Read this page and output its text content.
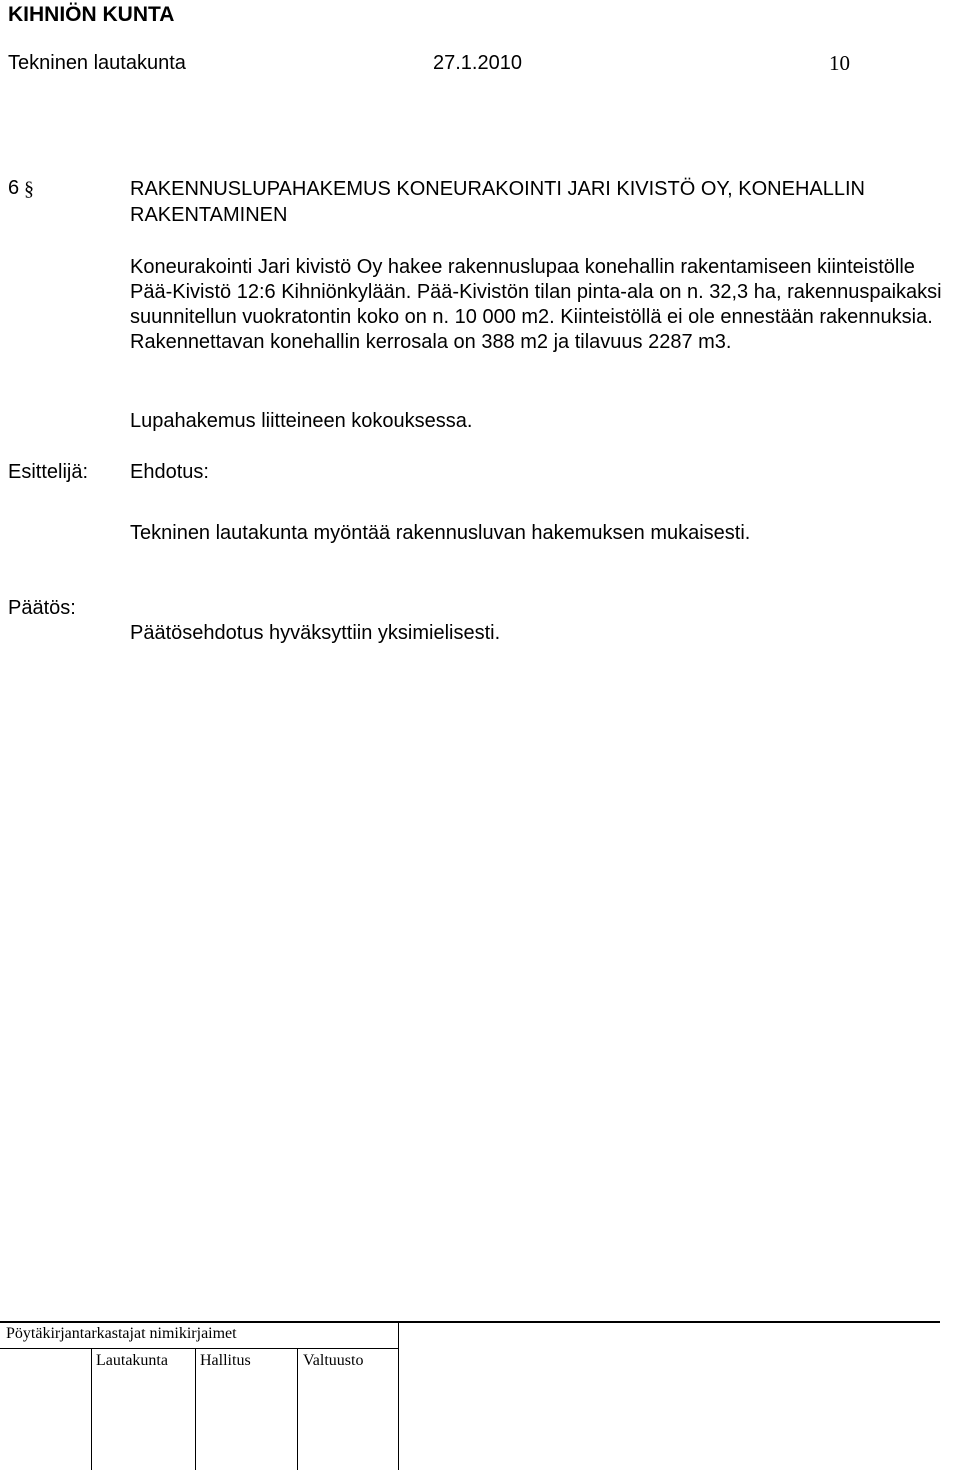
KIHNIÖN KUNTA
Tekninen lautakunta	27.1.2010	10
6 §	RAKENNUSLUPAHAKEMUS KONEURAKOINTI JARI KIVISTÖ OY, KONEHALLIN RAKENTAMINEN
Koneurakointi Jari kivistö Oy hakee rakennuslupaa konehallin rakentamiseen kiinteistölle Pää-Kivistö 12:6 Kihniönkylään. Pää-Kivistön tilan pinta-ala on n. 32,3 ha, rakennuspaikaksi suunnitellun vuokratontin koko on n. 10 000 m2. Kiinteistöllä ei ole ennestään rakennuksia. Rakennettavan konehallin kerrosala on 388 m2 ja tilavuus 2287 m3.
Lupahakemus liitteineen kokouksessa.
Esittelijä: Ehdotus:
Tekninen lautakunta myöntää rakennusluvan hakemuksen mukaisesti.
Päätös:
Päätösehdotus hyväksyttiin yksimielisesti.
Pöytäkirjantarkastajat nimikirjaimet
Lautakunta Hallitus	Valtuusto
